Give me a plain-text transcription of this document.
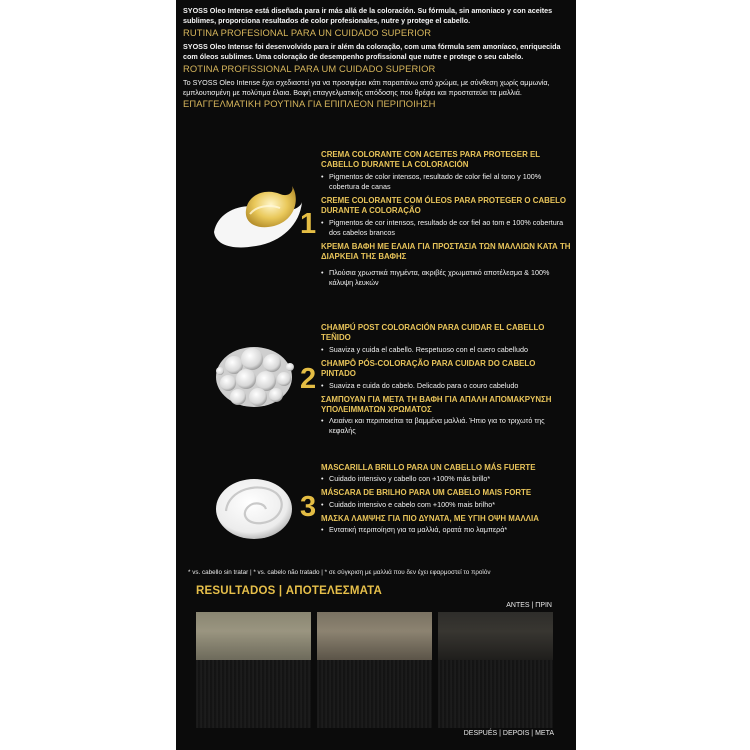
SYOSS Oleo Intense está diseñada para ir más allá de la coloración. Su fórmula, sin amoniaco y con aceites sublimes, proporciona resultados de color profesionales, nutre y protege el cabello.

RUTINA PROFESIONAL PARA UN CUIDADO SUPERIOR

SYOSS Oleo Intense foi desenvolvido para ir além da coloração, com uma fórmula sem amoníaco, enriquecida com óleos sublimes. Uma coloração de desempenho profissional que nutre e protege o seu cabelo.

ROTINA PROFISSIONAL PARA UM CUIDADO SUPERIOR

Το SYOSS Oleo Intense έχει σχεδιαστεί για να προσφέρει κάτι παραπάνω από χρώμα, με σύνθεση χωρίς αμμωνία, εμπλουτισμένη με πολύτιμα έλαια. Βαφή επαγγελματικής απόδοσης που θρέφει και προστατεύει τα μαλλιά.

ΕΠΑΓΓΕΛΜΑΤΙΚΗ ΡΟΥΤΙΝΑ ΓΙΑ ΕΠΙΠΛΕΟΝ ΠΕΡΙΠΟΙΗΣΗ

1

CREMA COLORANTE CON ACEITES PARA PROTEGER EL CABELLO DURANTE LA COLORACIÓN

• Pigmentos de color intensos, resultado de color fiel al tono y 100% cobertura de canas

CREME COLORANTE COM ÓLEOS PARA PROTEGER O CABELO DURANTE A COLORAÇÃO

• Pigmentos de cor intensos, resultado de cor fiel ao tom e 100% cobertura dos cabelos brancos

ΚΡΕΜΑ ΒΑΦΗ ΜΕ ΕΛΑΙΑ ΓΙΑ ΠΡΟΣΤΑΣΙΑ ΤΩΝ ΜΑΛΛΙΩΝ ΚΑΤΑ ΤΗ ΔΙΑΡΚΕΙΑ ΤΗΣ ΒΑΦΗΣ

• Πλούσια χρωστικά πιγμέντα, ακριβές χρωματικό αποτέλεσμα & 100% κάλυψη λευκών

2

CHAMPÚ POST COLORACIÓN PARA CUIDAR EL CABELLO TEÑIDO

• Suaviza y cuida el cabello. Respetuoso con el cuero cabelludo

CHAMPÔ PÓS-COLORAÇÃO PARA CUIDAR DO CABELO PINTADO

• Suaviza e cuida do cabelo. Delicado para o couro cabeludo

ΣΑΜΠΟΥΑΝ ΓΙΑ ΜΕΤΑ ΤΗ ΒΑΦΗ ΓΙΑ ΑΠΑΛΗ ΑΠΟΜΑΚΡΥΝΣΗ ΥΠΟΛΕΙΜΜΑΤΩΝ ΧΡΩΜΑΤΟΣ

• Λειαίνει και περιποιείται τα βαμμένα μαλλιά. Ήπιο για το τριχωτό της κεφαλής

3

MASCARILLA BRILLO PARA UN CABELLO MÁS FUERTE

• Cuidado intensivo y cabello con +100% más brillo*

MÁSCARA DE BRILHO PARA UM CABELO MAIS FORTE

• Cuidado intensivo e cabelo com +100% mais brilho*

ΜΑΣΚΑ ΛΑΜΨΗΣ ΓΙΑ ΠΙΟ ΔΥΝΑΤΑ, ΜΕ ΥΓΙΗ ΟΨΗ ΜΑΛΛΙΑ

• Εντατική περιποίηση για τα μαλλιά, ορατά πιο λαμπερά*

* vs. cabello sin tratar | * vs. cabelo não tratado | * σε σύγκριση με μαλλιά που δεν έχει εφαρμοστεί το προϊόν
RESULTADOS | ΑΠΟΤΕΛΕΣΜΑΤΑ
ANTES | ΠΡΙΝ
DESPUÉS | DEPOIS | META
